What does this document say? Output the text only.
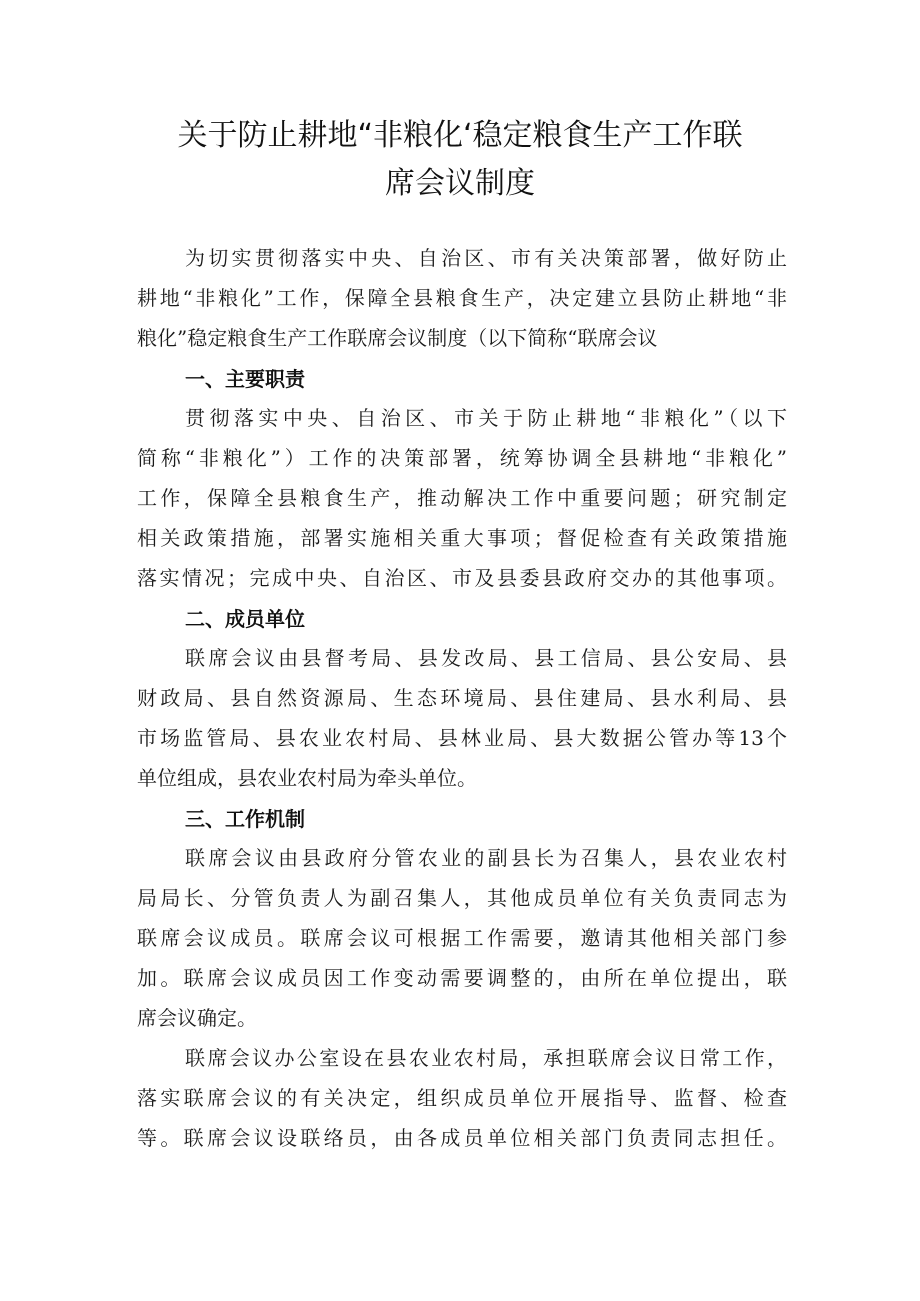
关于防止耕地“非粮化‘稳定粮食生产工作联
席会议制度
为切实贯彻落实中央、自治区、市有关决策部署，做好防止
耕地“非粮化”工作，保障全县粮食生产，决定建立县防止耕地“非
粮化”稳定粮食生产工作联席会议制度（以下简称“联席会议
一、主要职责
贯彻落实中央、自治区、市关于防止耕地“非粮化”（以下
简称“非粮化”）工作的决策部署，统筹协调全县耕地“非粮化”
工作，保障全县粮食生产，推动解决工作中重要问题；研究制定
相关政策措施，部署实施相关重大事项；督促检查有关政策措施
落实情况；完成中央、自治区、市及县委县政府交办的其他事项。
二、成员单位
联席会议由县督考局、县发改局、县工信局、县公安局、县
财政局、县自然资源局、生态环境局、县住建局、县水利局、县
市场监管局、县农业农村局、县林业局、县大数据公管办等13个
单位组成，县农业农村局为牵头单位。
三、工作机制
联席会议由县政府分管农业的副县长为召集人，县农业农村
局局长、分管负责人为副召集人，其他成员单位有关负责同志为
联席会议成员。联席会议可根据工作需要，邀请其他相关部门参
加。联席会议成员因工作变动需要调整的，由所在单位提出，联
席会议确定。
联席会议办公室设在县农业农村局，承担联席会议日常工作，
落实联席会议的有关决定，组织成员单位开展指导、监督、检查
等。联席会议设联络员，由各成员单位相关部门负责同志担任。
